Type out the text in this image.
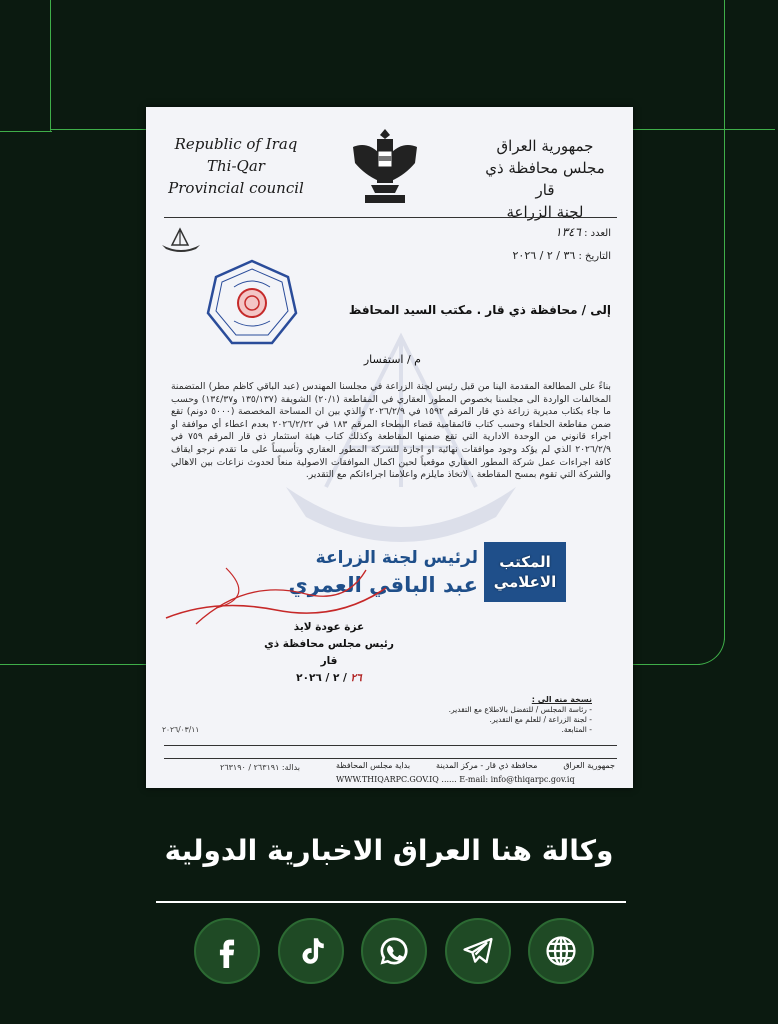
Republic of Iraq
Thi-Qar
Provincial council
جمهورية العراق
مجلس محافظة ذي قار
لجنة الزراعة
العدد : ١٣٤٦
التاريخ : ٣٦ / ٢ / ٢٠٢٦
إلى / محافظة ذي قار . مكتب السيد المحافظ
م / استفسار
بناءً على المطالعة المقدمة الينا من قبل رئيس لجنة الزراعة في مجلسنا المهندس (عبد الباقي كاظم مطر) المتضمنة المخالفات الواردة الى مجلسنا بخصوص المطور العقاري في المقاطعة (٢٠/١) الشويفة (١٣٥/١٣٧ و١٣٤/٣٧) وحسب ما جاء بكتاب مديرية زراعة ذي قار المرقم ١٥٩٢ في ٢٠٢٦/٢/٩ والذي بين ان المساحة المخصصة (٥٠٠٠ دونم) تقع ضمن مقاطعة الحلفاء وحسب كتاب قائمقامية قضاء البطحاء المرقم ١٨٣ في ٢٠٢٦/٢/٢٢ بعدم اعطاء أي موافقة او اجراء قانوني من الوحدة الادارية التي تقع ضمنها المقاطعة وكذلك كتاب هيئة استثمار ذي قار المرقم ٧٥٩ في ٢٠٢٦/٢/٩ الذي لم يؤكد وجود موافقات نهائية او اجازة للشركة المطور العقاري وتأسيساً على ما تقدم نرجو ايقاف كافة اجراءات عمل شركة المطور العقاري موقعياً لحين اكمال الموافقات الاصولية منعاً لحدوث نزاعات بين الاهالي والشركة التي تقوم بمسح المقاطعة . لاتخاذ مايلزم واعلامنا اجراءاتكم مع التقدير.
عزة عودة لايذ
رئيس مجلس محافظة ذي قار
٢٦ / ٢ / ٢٠٢٦
نسخة منه الى :
- رئاسة المجلس / للتفضل بالاطلاع مع التقدير.
- لجنة الزراعة / للعلم مع التقدير.
- المتابعة.
٢٠٢٦/٠٣/١١
جمهورية العراق
محافظة ذي قار - مركز المدينة
بداية مجلس المحافظة
بدالة: ٢٦٣١٩١ / ٢٦٣١٩٠
WWW.THIQARPC.GOV.IQ ...... E-mail: info@thiqarpc.gov.iq
المكتب
الاعلامي
لرئيس لجنة الزراعة
عبد الباقي العمري
وكالة هنا العراق الاخبارية الدولية
